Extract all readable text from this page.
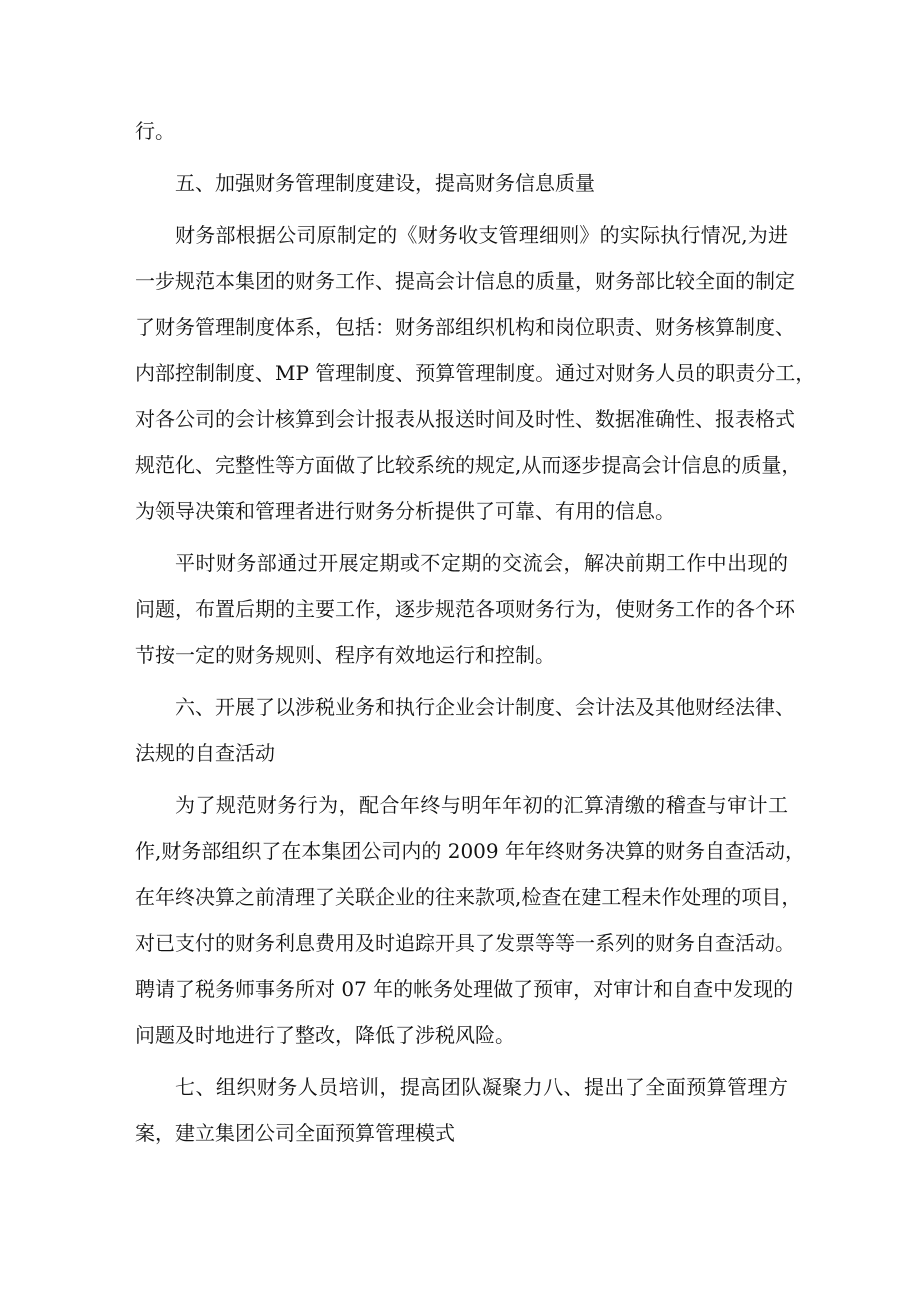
行。
五、加强财务管理制度建设，提高财务信息质量
财务部根据公司原制定的《财务收支管理细则》的实际执行情况,为进
一步规范本集团的财务工作、提高会计信息的质量，财务部比较全面的制定
了财务管理制度体系，包括：财务部组织机构和岗位职责、财务核算制度、
内部控制制度、MP 管理制度、预算管理制度。通过对财务人员的职责分工，
对各公司的会计核算到会计报表从报送时间及时性、数据准确性、报表格式
规范化、完整性等方面做了比较系统的规定,从而逐步提高会计信息的质量，
为领导决策和管理者进行财务分析提供了可靠、有用的信息。
平时财务部通过开展定期或不定期的交流会，解决前期工作中出现的
问题，布置后期的主要工作，逐步规范各项财务行为，使财务工作的各个环
节按一定的财务规则、程序有效地运行和控制。
六、开展了以涉税业务和执行企业会计制度、会计法及其他财经法律、
法规的自查活动
为了规范财务行为，配合年终与明年年初的汇算清缴的稽查与审计工
作,财务部组织了在本集团公司内的 2009 年年终财务决算的财务自查活动，
在年终决算之前清理了关联企业的往来款项,检查在建工程未作处理的项目，
对已支付的财务利息费用及时追踪开具了发票等等一系列的财务自查活动。
聘请了税务师事务所对 07 年的帐务处理做了预审，对审计和自查中发现的
问题及时地进行了整改，降低了涉税风险。
七、组织财务人员培训，提高团队凝聚力八、提出了全面预算管理方
案，建立集团公司全面预算管理模式
